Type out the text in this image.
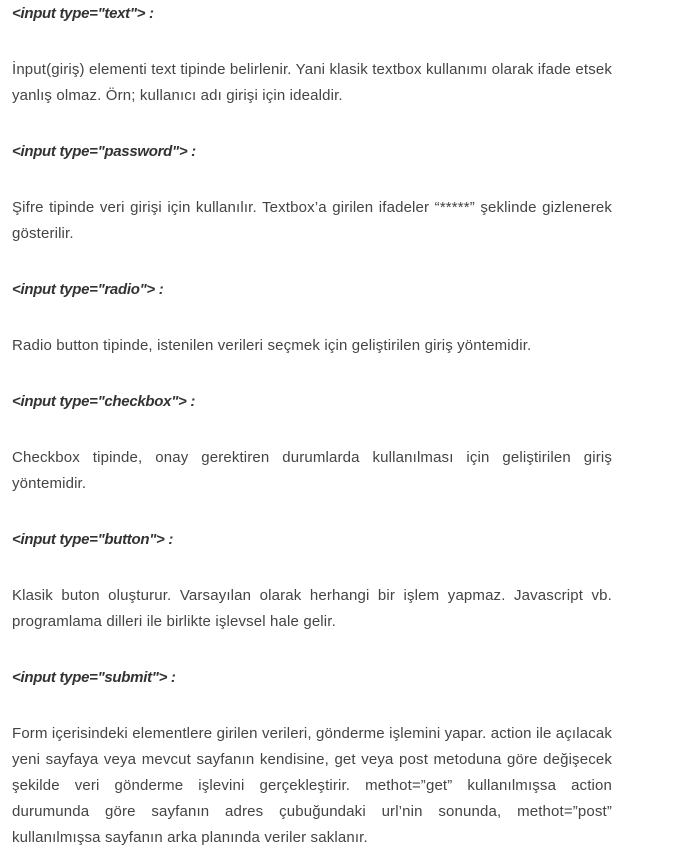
<input type="text"> :
İnput(giriş) elementi text tipinde belirlenir. Yani klasik textbox kullanımı olarak ifade etsek yanlış olmaz. Örn; kullanıcı adı girişi için idealdir.
<input type="password"> :
Şifre tipinde veri girişi için kullanılır. Textbox’a girilen ifadeler “*****” şeklinde gizlenerek gösterilir.
<input type="radio"> :
Radio button tipinde, istenilen verileri seçmek için geliştirilen giriş yöntemidir.
<input type="checkbox"> :
Checkbox tipinde, onay gerektiren durumlarda kullanılması için geliştirilen giriş yöntemidir.
<input type="button"> :
Klasik buton oluşturur. Varsayılan olarak herhangi bir işlem yapmaz. Javascript vb. programlama dilleri ile birlikte işlevsel hale gelir.
<input type="submit"> :
Form içerisindeki elementlere girilen verileri, gönderme işlemini yapar. action ile açılacak yeni sayfaya veya mevcut sayfanın kendisine, get veya post metoduna göre değişecek şekilde veri gönderme işlevini gerçekleştirir. methot=”get” kullanılmışsa action durumunda göre sayfanın adres çubuğundaki url’nin sonunda, methot=”post” kullanılmışsa sayfanın arka planında veriler saklanır.
